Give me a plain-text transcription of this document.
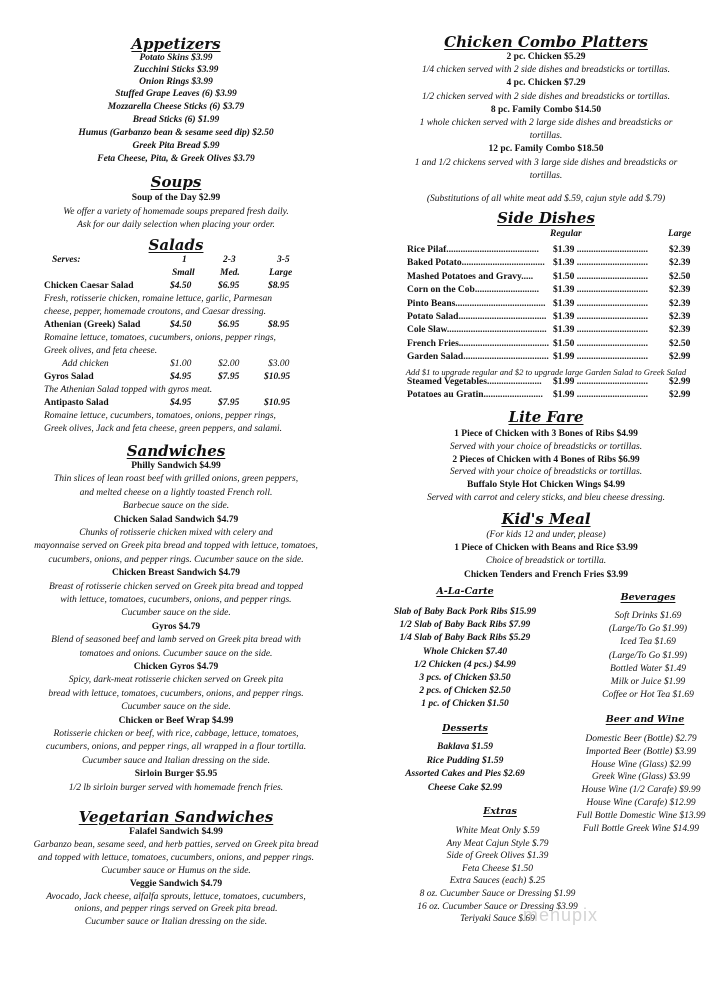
Appetizers
Potato Skins $3.99
Zucchini Sticks $3.99
Onion Rings $3.99
Stuffed Grape Leaves (6) $3.99
Mozzarella Cheese Sticks (6) $3.79
Bread Sticks (6) $1.99
Humus (Garbanzo bean & sesame seed dip) $2.50
Greek Pita Bread $.99
Feta Cheese, Pita, & Greek Olives $3.79
Soups
Soup of the Day $2.99
We offer a variety of homemade soups prepared fresh daily.
Ask for our daily selection when placing your order.
Salads
Serves:	1	2-3	3-5
Small	Med.	Large
Chicken Caesar Salad	$4.50	$6.95	$8.95
Fresh, rotisserie chicken, romaine lettuce, garlic, Parmesan
cheese, pepper, homemade croutons, and Caesar dressing.
Athenian (Greek) Salad	$4.50	$6.95	$8.95
Romaine lettuce, tomatoes, cucumbers, onions, pepper rings,
Greek olives, and feta cheese.
Add chicken	$1.00	$2.00	$3.00
Gyros Salad	$4.95	$7.95	$10.95
The Athenian Salad topped with gyros meat.
Antipasto Salad	$4.95	$7.95	$10.95
Romaine lettuce, cucumbers, tomatoes, onions, pepper rings,
Greek olives, Jack and feta cheese, green peppers, and salami.
Sandwiches
Philly Sandwich $4.99
Thin slices of lean roast beef with grilled onions, green peppers,
and melted cheese on a lightly toasted French roll.
Barbecue sauce on the side.
Chicken Salad Sandwich $4.79
Chunks of rotisserie chicken mixed with celery and
mayonnaise served on Greek pita bread and topped with lettuce, tomatoes,
cucumbers, onions, and pepper rings. Cucumber sauce on the side.
Chicken Breast Sandwich $4.79
Breast of rotisserie chicken served on Greek pita bread and topped
with lettuce, tomatoes, cucumbers, onions, and pepper rings.
Cucumber sauce on the side.
Gyros $4.79
Blend of seasoned beef and lamb served on Greek pita bread with
tomatoes and onions. Cucumber sauce on the side.
Chicken Gyros $4.79
Spicy, dark-meat rotisserie chicken served on Greek pita
bread with lettuce, tomatoes, cucumbers, onions, and pepper rings.
Cucumber sauce on the side.
Chicken or Beef Wrap $4.99
Rotisserie chicken or beef, with rice, cabbage, lettuce, tomatoes,
cucumbers, onions, and pepper rings, all wrapped in a flour tortilla.
Cucumber sauce and Italian dressing on the side.
Sirloin Burger $5.95
1/2 lb sirloin burger served with homemade french fries.
Vegetarian Sandwiches
Falafel Sandwich $4.99
Garbanzo bean, sesame seed, and herb patties, served on Greek pita bread
and topped with lettuce, tomatoes, cucumbers, onions, and pepper rings.
Cucumber sauce or Humus on the side.
Veggie Sandwich $4.79
Avocado, Jack cheese, alfalfa sprouts, lettuce, tomatoes, cucumbers,
onions, and pepper rings served on Greek pita bread.
Cucumber sauce or Italian dressing on the side.
Chicken Combo Platters
2 pc. Chicken $5.29
1/4 chicken served with 2 side dishes and breadsticks or tortillas.
4 pc. Chicken $7.29
1/2 chicken served with 2 side dishes and breadsticks or tortillas.
8 pc. Family Combo $14.50
1 whole chicken served with 2 large side dishes and breadsticks or
tortillas.
12 pc. Family Combo $18.50
1 and 1/2 chickens served with 3 large side dishes and breadsticks or
tortillas.
(Substitutions of all white meat add $.59, cajun style add $.79)
Side Dishes
Regular	Large
Rice Pilaf....................................... $1.39 .............................. $2.39
Baked Potato................................... $1.39 .............................. $2.39
Mashed Potatoes and Gravy..... $1.50 .............................. $2.50
Corn on the Cob........................... $1.39 .............................. $2.39
Pinto Beans...................................... $1.39 .............................. $2.39
Potato Salad..................................... $1.39 .............................. $2.39
Cole Slaw.......................................... $1.39 .............................. $2.39
French Fries...................................... $1.50 .............................. $2.50
Garden Salad.................................... $1.99 .............................. $2.99
Add $1 to upgrade regular and $2 to upgrade large Garden Salad to Greek Salad
Steamed Vegetables....................... $1.99 .............................. $2.99
Potatoes au Gratin......................... $1.99 .............................. $2.99
Lite Fare
1 Piece of Chicken with 3 Bones of Ribs $4.99
Served with your choice of breadsticks or tortillas.
2 Pieces of Chicken with 4 Bones of Ribs $6.99
Served with your choice of breadsticks or tortillas.
Buffalo Style Hot Chicken Wings $4.99
Served with carrot and celery sticks, and bleu cheese dressing.
Kid's Meal
(For kids 12 and under, please)
1 Piece of Chicken with Beans and Rice $3.99
Choice of breadstick or tortilla.
Chicken Tenders and French Fries $3.99
A-La-Carte
Slab of Baby Back Pork Ribs $15.99
1/2 Slab of Baby Back Ribs $7.99
1/4 Slab of Baby Back Ribs $5.29
Whole Chicken $7.40
1/2 Chicken (4 pcs.) $4.99
3 pcs. of Chicken $3.50
2 pcs. of Chicken $2.50
1 pc. of Chicken $1.50
Beverages
Soft Drinks $1.69
(Large/To Go $1.99)
Iced Tea $1.69
(Large/To Go $1.99)
Bottled Water $1.49
Milk or Juice $1.99
Coffee or Hot Tea $1.69
Desserts
Baklava $1.59
Rice Pudding $1.59
Assorted Cakes and Pies $2.69
Cheese Cake $2.99
Beer and Wine
Domestic Beer (Bottle) $2.79
Imported Beer (Bottle) $3.99
House Wine (Glass) $2.99
Greek Wine (Glass) $3.99
House Wine (1/2 Carafe) $9.99
House Wine (Carafe) $12.99
Full Bottle Domestic Wine $13.99
Full Bottle Greek Wine $14.99
Extras
White Meat Only $.59
Any Meat Cajun Style $.79
Side of Greek Olives $1.39
Feta Cheese $1.50
Extra Sauces (each) $.25
8 oz. Cucumber Sauce or Dressing $1.99
16 oz. Cucumber Sauce or Dressing $3.99
Teriyaki Sauce $.69
menupix
